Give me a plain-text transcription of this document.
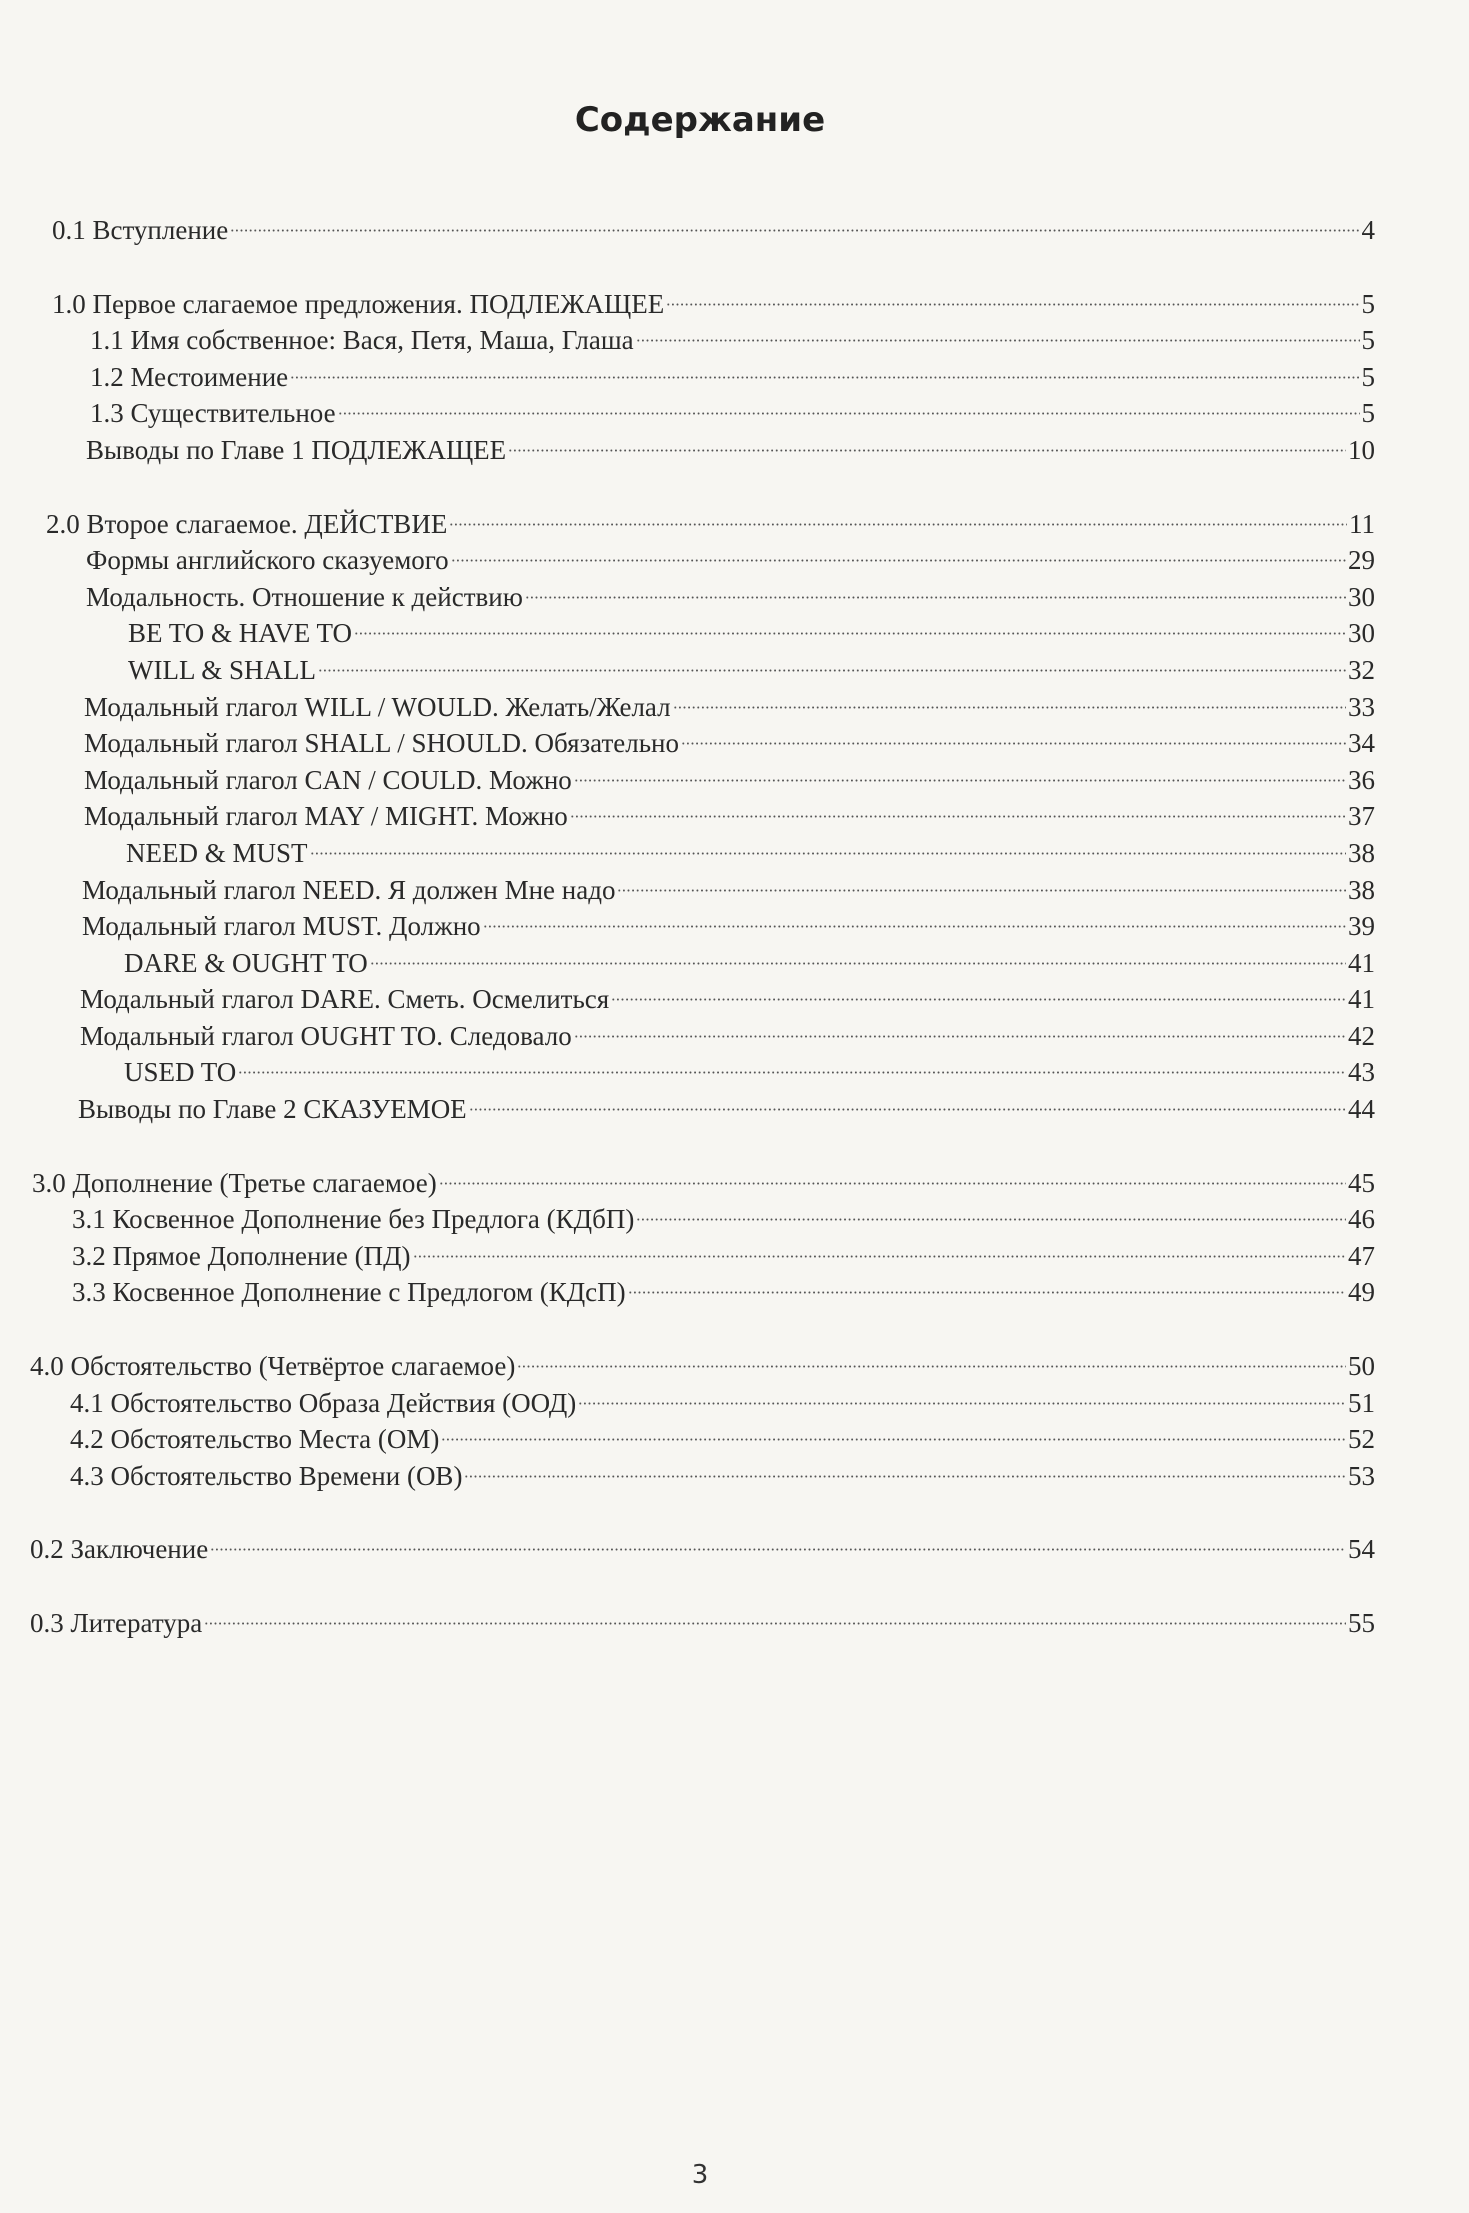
Содержание
0.1 Вступление	4
1.0 Первое слагаемое предложения. ПОДЛЕЖАЩЕЕ	5
1.1 Имя собственное: Вася, Петя, Маша, Глаша	5
1.2 Местоимение	5
1.3 Существительное	5
Выводы по Главе 1 ПОДЛЕЖАЩЕЕ	10
2.0 Второе слагаемое. ДЕЙСТВИЕ	11
Формы английского сказуемого	29
Модальность. Отношение к действию	30
BE TO & HAVE TO	30
WILL & SHALL	32
Модальный глагол WILL / WOULD. Желать/Желал	33
Модальный глагол SHALL / SHOULD. Обязательно	34
Модальный глагол CAN / COULD. Можно	36
Модальный глагол MAY / MIGHT. Можно	37
NEED & MUST	38
Модальный глагол NEED. Я должен Мне надо	38
Модальный глагол MUST. Должно	39
DARE & OUGHT TO	41
Модальный глагол DARE. Сметь. Осмелиться	41
Модальный глагол OUGHT TO. Следовало	42
USED TO	43
Выводы по Главе 2 СКАЗУЕМОЕ	44
3.0 Дополнение (Третье слагаемое)	45
3.1 Косвенное Дополнение без Предлога (КДбП)	46
3.2 Прямое Дополнение (ПД)	47
3.3 Косвенное Дополнение с Предлогом (КДсП)	49
4.0 Обстоятельство (Четвёртое слагаемое)	50
4.1 Обстоятельство Образа Действия (ООД)	51
4.2 Обстоятельство Места (ОМ)	52
4.3 Обстоятельство Времени (ОВ)	53
0.2 Заключение	54
0.3 Литература	55
3
